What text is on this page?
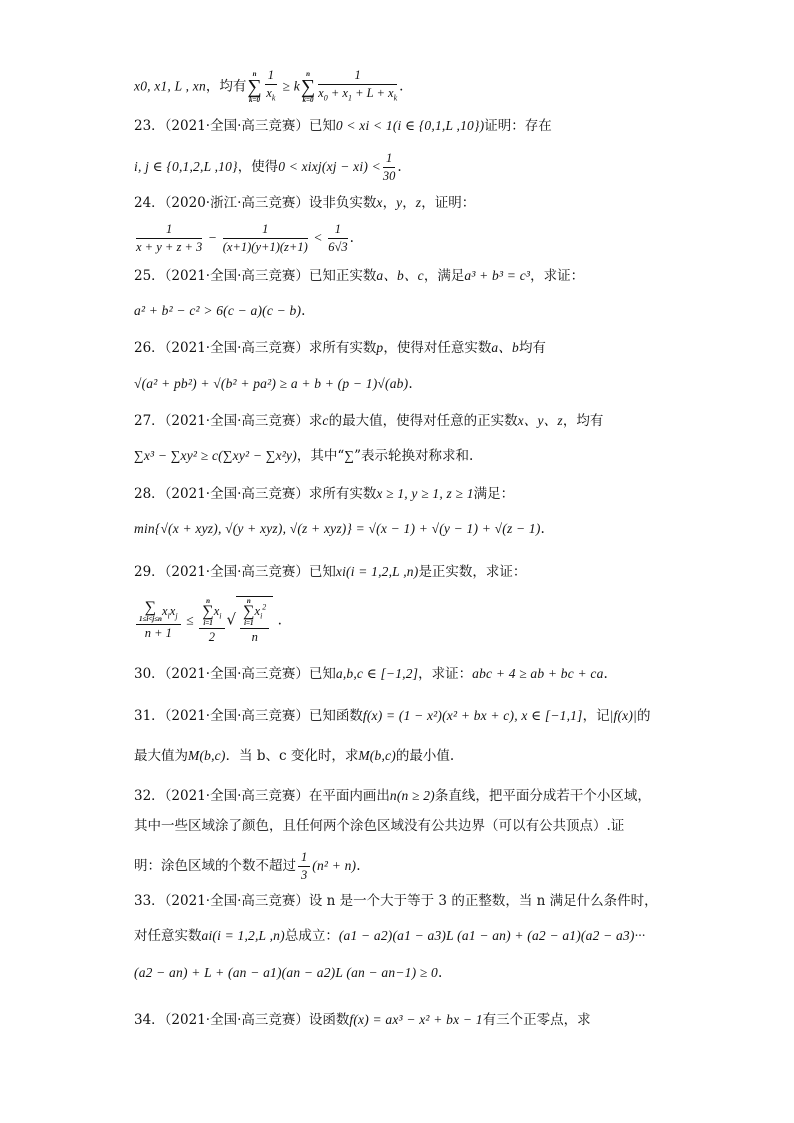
x0, x1, L , xn，均有
n
∑
$k=0 \frac{1}{x_k} \ge k$
n
∑
$k=0 \frac{1}{x_0 + x_1 + L + x_k}$ .
23．（2021·全国·高三竞赛）已知0 < xi < 1(i ∈ {0,1,L ,10})证明：存在
i, j ∈ {0,1,2,L ,10}，使得0 < xixj(xj − $xi) < \frac{1}{30}$ .
24．（2020·浙江·高三竞赛）设非负实数x，y，z，证明：
$\frac{1}{x + y + z + 3} - \frac{1}{(x+1)(y+1)(z+1)} < \frac{1}{6√3}$ .
25．（2021·全国·高三竞赛）已知正实数a、b、c，满足a³ + b³ = c³，求证：
a² + b² − c² > 6(c − a)(c − b).
26．（2021·全国·高三竞赛）求所有实数p，使得对任意实数a、b均有
√(a² + pb²) + √(b² + pa²) ≥ a + b + (p − 1)√(ab).
27．（2021·全国·高三竞赛）求c的最大值，使得对任意的正实数x、y、z，均有
∑x³ − ∑xy² ≥ c(∑xy² − ∑x²y)，其中“∑”表示轮换对称求和.
28．（2021·全国·高三竞赛）求所有实数x ≥ 1, y ≥ 1, z ≥ 1满足：
min{√(x + xyz), √(y + xyz), √(z + xyz)} = √(x − 1) + √(y − 1) + √(z − 1).
29．（2021·全国·高三竞赛）已知xi(i = 1,2,L ,n)是正实数，求证：
∑
1≤i<j≤n
$x_ix_j$
n + 1 ≤ n
∑
i=1
$x_i$
2 √ n
∑
i=1
$x_i^2$
n .
30．（2021·全国·高三竞赛）已知a,b,c ∈ [−1,2]，求证：abc + 4 ≥ ab + bc + ca.
31．（2021·全国·高三竞赛）已知函数f(x) = (1 − x²)(x² + bx + c), x ∈ [−1,1]，记|f(x)|的
最大值为M(b,c)．当 b、c 变化时，求M(b,c)的最小值.
32．（2021·全国·高三竞赛）在平面内画出n(n ≥ 2)条直线，把平面分成若干个小区域，
其中一些区域涂了颜色，且任何两个涂色区域没有公共边界（可以有公共顶点）.证
明：涂色区域的个数不超过 $\frac{1}{3} (n^2 + n)$.
33．（2021·全国·高三竞赛）设 n 是一个大于等于 3 的正整数，当 n 满足什么条件时，
对任意实数ai(i = 1,2,L ,n)总成立：(a1 − a2)(a1 − a3)L (a1 − an) + (a2 − a1)(a2 − a3)···
(a2 − an) + L + (an − a1)(an − a2)L (an − an−1) ≥ 0.
34．（2021·全国·高三竞赛）设函数f(x) = ax³ − x² + bx − 1有三个正零点，求
